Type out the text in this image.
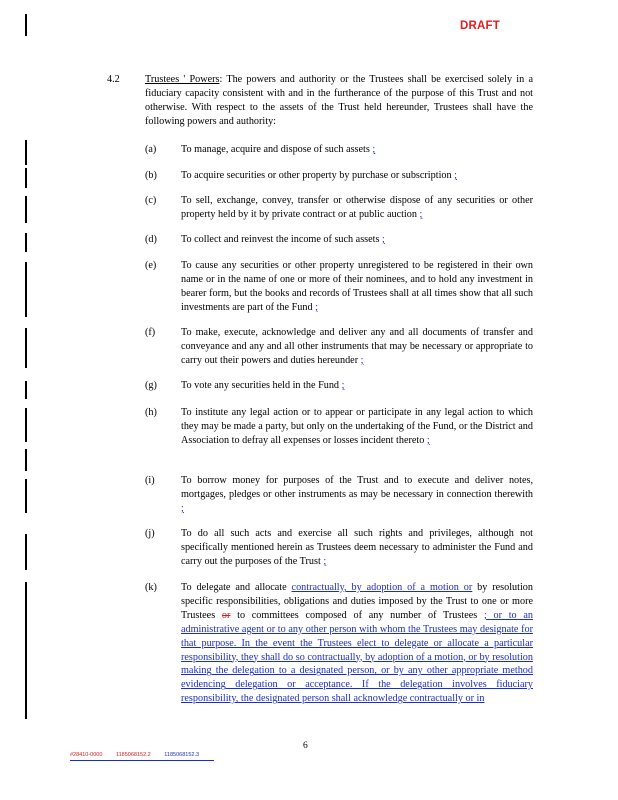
DRAFT
4.2 Trustees ' Powers: The powers and authority or the Trustees shall be exercised solely in a fiduciary capacity consistent with and in the furtherance of the purpose of this Trust and not otherwise. With respect to the assets of the Trust held hereunder, Trustees shall have the following powers and authority:
(a) To manage, acquire and dispose of such assets ;
(b) To acquire securities or other property by purchase or subscription ;
(c) To sell, exchange, convey, transfer or otherwise dispose of any securities or other property held by it by private contract or at public auction ;
(d) To collect and reinvest the income of such assets ;
(e) To cause any securities or other property unregistered to be registered in their own name or in the name of one or more of their nominees, and to hold any investment in bearer form, but the books and records of Trustees shall at all times show that all such investments are part of the Fund ;
(f)	To make, execute, acknowledge and deliver any and all documents of transfer and conveyance and any and all other instruments that may be necessary or appropriate to carry out their powers and duties hereunder ;
(g) To vote any securities held in the Fund ;
(h) To institute any legal action or to appear or participate in any legal action to which they may be made a party, but only on the undertaking of the Fund, or the District and Association to defray all expenses or losses incident thereto ;
(i)	To borrow money for purposes of the Trust and to execute and deliver notes, mortgages, pledges or other instruments as may be necessary in connection therewith ;
(j)	To do all such acts and exercise all such rights and privileges, although not specifically mentioned herein as Trustees deem necessary to administer the Fund and carry out the purposes of the Trust ;
(k) To delegate and allocate contractually, by adoption of a motion or by resolution specific responsibilities, obligations and duties imposed by the Trust to one or more Trustees or to committees composed of any number of Trustees ; or to an administrative agent or to any other person with whom the Trustees may designate for that purpose. In the event the Trustees elect to delegate or allocate a particular responsibility, they shall do so contractually, by adoption of a motion, or by resolution making the delegation to a designated person, or by any other appropriate method evidencing delegation or acceptance. If the delegation involves fiduciary responsibility, the designated person shall acknowledge contractually or in
6
#28410-0000 1185068152.2 1185068152.3
